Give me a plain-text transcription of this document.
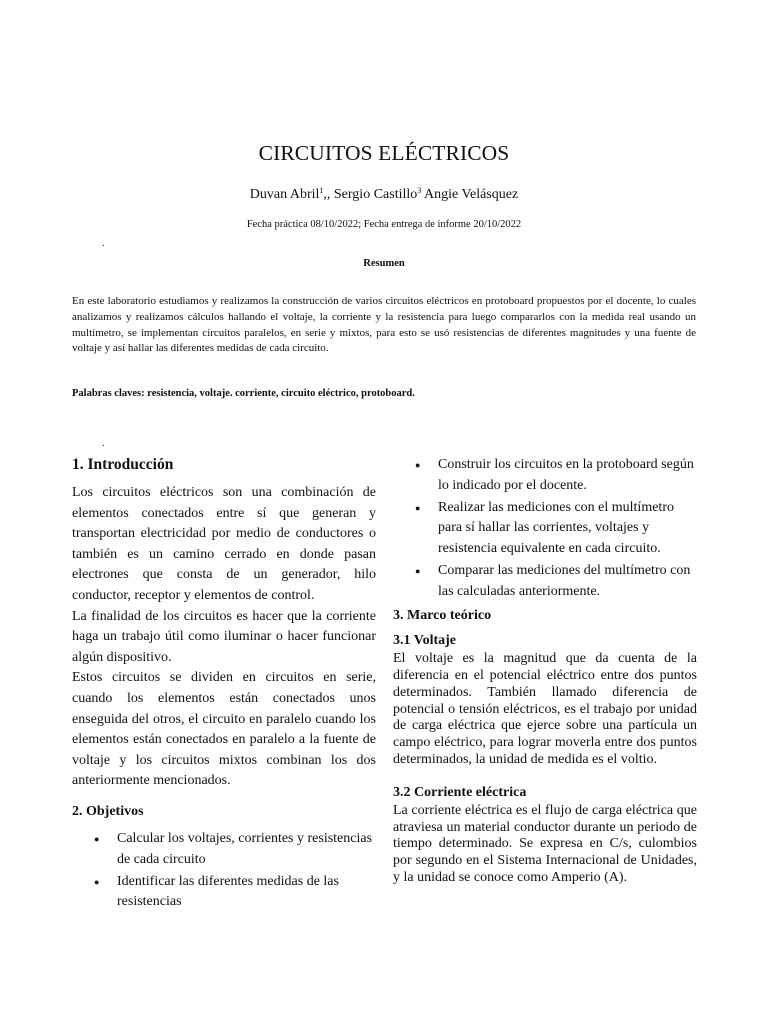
CIRCUITOS ELÉCTRICOS
Duvan Abril$^1$,, Sergio Castillo$^3$ Angie Velásquez
Fecha práctica 08/10/2022; Fecha entrega de informe 20/10/2022
.
Resumen
En este laboratorio estudiamos y realizamos la construcción de varios circuitos eléctricos en protoboard propuestos por el docente, lo cuales analizamos y realizamos cálculos hallando el voltaje, la corriente y la resistencia para luego compararlos con la medida real usando un multímetro, se implementan circuitos paralelos, en serie y mixtos, para esto se usó resistencias de diferentes magnitudes y una fuente de voltaje y así hallar las diferentes medidas de cada circuito.
Palabras claves: resistencia, voltaje. corriente, circuito eléctrico, protoboard.
.
1. Introducción

Los circuitos eléctricos son una combinación de elementos conectados entre sí que generan y transportan electricidad por medio de conductores o también es un camino cerrado en donde pasan electrones que consta de un generador, hilo conductor, receptor y elementos de control.

La finalidad de los circuitos es hacer que la corriente haga un trabajo útil como iluminar o hacer funcionar algún dispositivo.

Estos circuitos se dividen en circuitos en serie, cuando los elementos están conectados unos enseguida del otros, el circuito en paralelo cuando los elementos están conectados en paralelo a la fuente de voltaje y los circuitos mixtos combinan los dos anteriormente mencionados.

2. Objetivos
● Calcular los voltajes, corrientes y resistencias de cada circuito
● Identificar las diferentes medidas de las resistencias
● Construir los circuitos en la protoboard según lo indicado por el docente.
● Realizar las mediciones con el multímetro para sí hallar las corrientes, voltajes y resistencia equivalente en cada circuito.
● Comparar las mediciones del multímetro con las calculadas anteriormente.
3. Marco teórico
3.1 Voltaje

El voltaje es la magnitud que da cuenta de la diferencia en el potencial eléctrico entre dos puntos determinados. También llamado diferencia de potencial o tensión eléctricos, es el trabajo por unidad de carga eléctrica que ejerce sobre una partícula un campo eléctrico, para lograr moverla entre dos puntos determinados, la unidad de medida es el voltio.

3.2 Corriente eléctrica

La corriente eléctrica es el flujo de carga eléctrica que atraviesa un material conductor durante un periodo de tiempo determinado. Se expresa en C/s, culombios por segundo en el Sistema Internacional de Unidades, y la unidad se conoce como Amperio (A).
